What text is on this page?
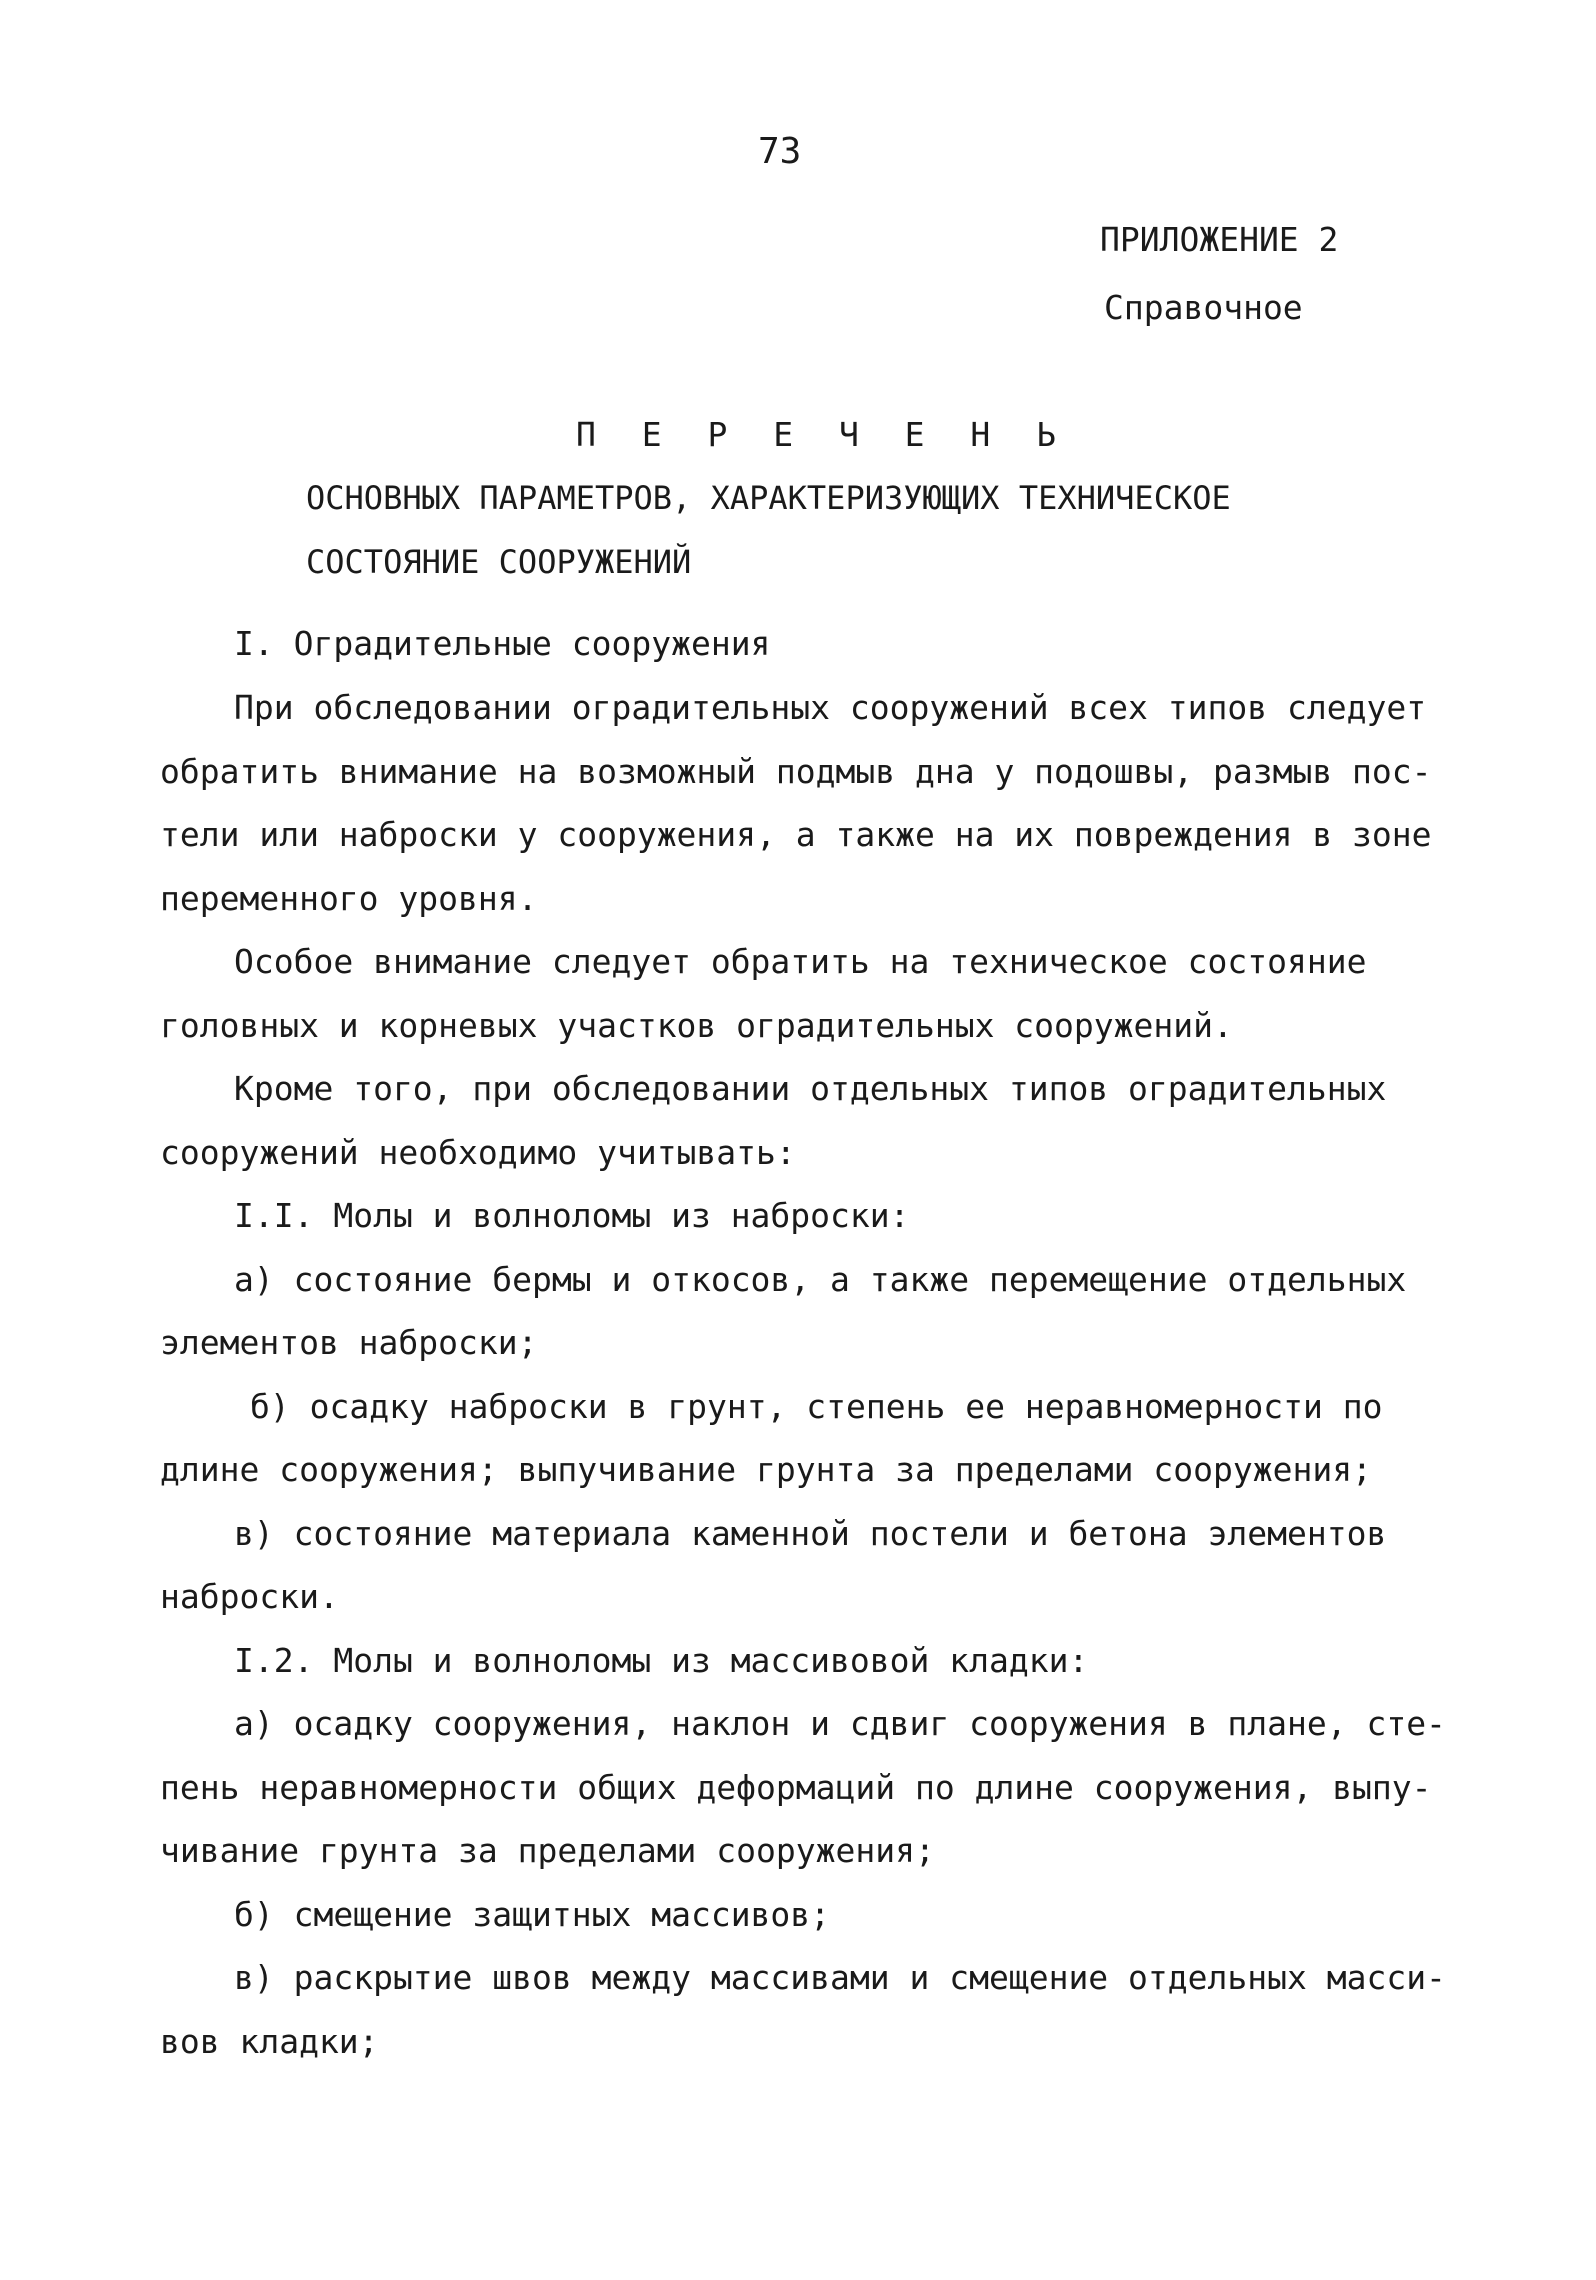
73
ПРИЛОЖЕНИЕ 2
Справочное
П Е Р Е Ч Е Н Ь
ОСНОВНЫХ ПАРАМЕТРОВ, ХАРАКТЕРИЗУЮЩИХ ТЕХНИЧЕСКОЕ
СОСТОЯНИЕ СООРУЖЕНИЙ
I. Оградительные сооружения
При обследовании оградительных сооружений всех типов следует
обратить внимание на возможный подмыв дна у подошвы, размыв пос-
тели или наброски у сооружения, а также на их повреждения в зоне
переменного уровня.
Особое внимание следует обратить на техническое состояние
головных и корневых участков оградительных сооружений.
Кроме того, при обследовании отдельных типов оградительных
сооружений необходимо учитывать:
I.I. Молы и волноломы из наброски:
а) состояние бермы и откосов, а также перемещение отдельных
элементов наброски;
б) осадку наброски в грунт, степень ее неравномерности по
длине сооружения; выпучивание грунта за пределами сооружения;
в) состояние материала каменной постели и бетона элементов
наброски.
I.2. Молы и волноломы из массивовой кладки:
а) осадку сооружения, наклон и сдвиг сооружения в плане, сте-
пень неравномерности общих деформаций по длине сооружения, выпу-
чивание грунта за пределами сооружения;
б) смещение защитных массивов;
в) раскрытие швов между массивами и смещение отдельных масси-
вов кладки;
